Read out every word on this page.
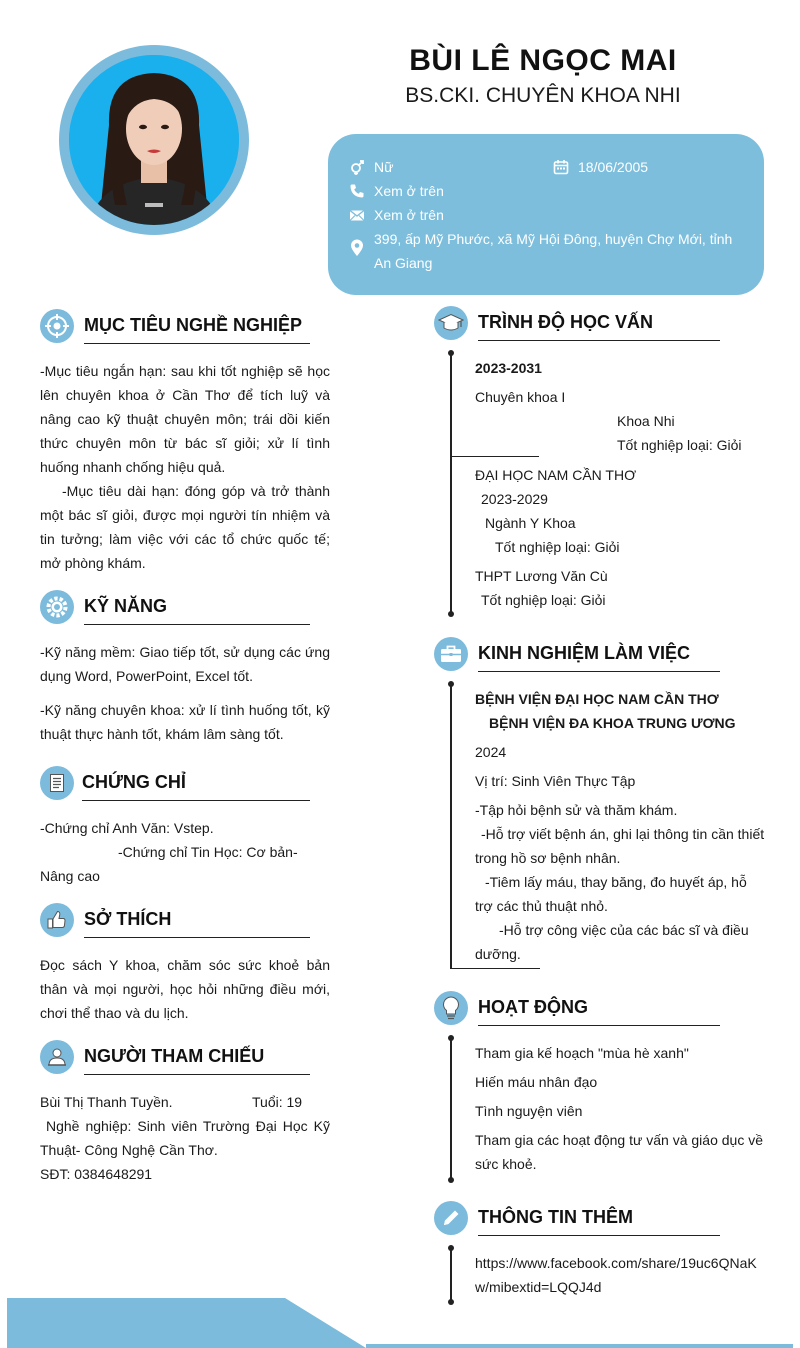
BÙI LÊ NGỌC MAI
BS.CKI. CHUYÊN KHOA NHI
Nữ	18/06/2005
Xem ở trên
Xem ở trên
399, ấp Mỹ Phước, xã Mỹ Hội Đông, huyện Chợ Mới, tỉnh An Giang
MỤC TIÊU NGHỀ NGHIỆP
-Mục tiêu ngắn hạn: sau khi tốt nghiệp sẽ học lên chuyên khoa ở Cần Thơ để tích luỹ và nâng cao kỹ thuật chuyên môn; trái dồi kiến thức chuyên môn từ bác sĩ giỏi; xử lí tình huống nhanh chống hiệu quả.
-Mục tiêu dài hạn: đóng góp và trở thành một bác sĩ giỏi, được mọi người tín nhiệm và tin tưởng; làm việc với các tổ chức quốc tế; mở phòng khám.
KỸ NĂNG
-Kỹ năng mềm: Giao tiếp tốt, sử dụng các ứng dụng Word, PowerPoint, Excel tốt.
-Kỹ năng chuyên khoa: xử lí tình huống tốt, kỹ thuật thực hành tốt, khám lâm sàng tốt.
CHỨNG CHỈ
-Chứng chỉ Anh Văn: Vstep.
-Chứng chỉ Tin Học: Cơ bản-Nâng cao
SỞ THÍCH
Đọc sách Y khoa, chăm sóc sức khoẻ bản thân và mọi người, học hỏi những điều mới, chơi thể thao và du lịch.
NGƯỜI THAM CHIẾU
Bùi Thị Thanh Tuyền.	Tuổi: 19
Nghề nghiệp: Sinh viên Trường Đại Học Kỹ Thuật- Công Nghệ Cần Thơ.
SĐT: 0384648291
TRÌNH ĐỘ HỌC VẤN
2023-2031
Chuyên khoa I
Khoa Nhi
Tốt nghiệp loại: Giỏi
ĐẠI HỌC NAM CẦN THƠ
2023-2029
Ngành Y Khoa
Tốt nghiệp loại: Giỏi
THPT Lương Văn Cù
Tốt nghiệp loại: Giỏi
KINH NGHIỆM LÀM VIỆC
BỆNH VIỆN ĐẠI HỌC NAM CẦN THƠ
BỆNH VIỆN ĐA KHOA TRUNG ƯƠNG
2024
Vị trí: Sinh Viên Thực Tập
-Tập hỏi bệnh sử và thăm khám.
-Hỗ trợ viết bệnh án, ghi lại thông tin cần thiết trong hồ sơ bệnh nhân.
-Tiêm lấy máu, thay băng, đo huyết áp, hỗ trợ các thủ thuật nhỏ.
-Hỗ trợ công việc của các bác sĩ và điều dưỡng.
HOẠT ĐỘNG
Tham gia kế hoạch "mùa hè xanh"
Hiến máu nhân đạo
Tình nguyện viên
Tham gia các hoạt động tư vấn và giáo dục về sức khoẻ.
THÔNG TIN THÊM
https://www.facebook.com/share/19uc6QNaKw/mibextid=LQQJ4d
